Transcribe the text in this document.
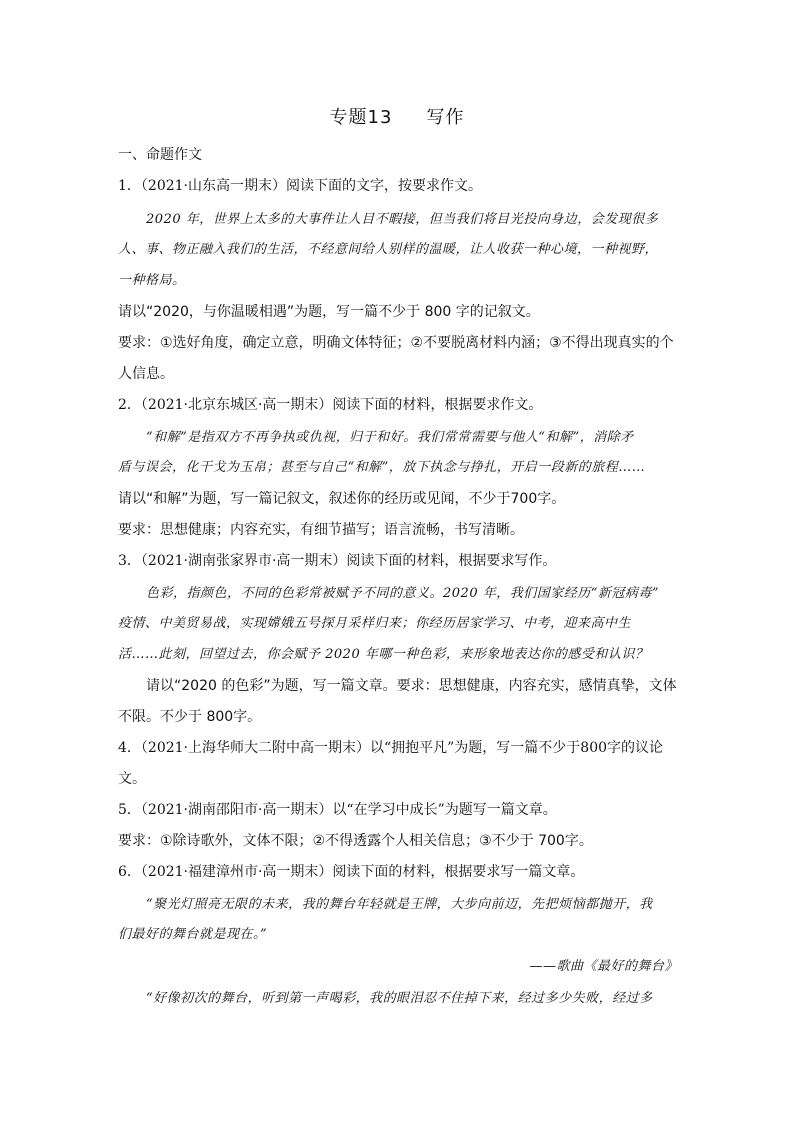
专题13 写作
一、命题作文
1．（2021·山东高一期末）阅读下面的文字，按要求作文。
2020 年，世界上太多的大事件让人目不暇接，但当我们将目光投向身边，会发现很多
人、事、物正融入我们的生活，不经意间给人别样的温暖，让人收获一种心境，一种视野，
一种格局。
请以“2020，与你温暖相遇”为题，写一篇不少于 800 字的记叙文。
要求：①选好角度，确定立意，明确文体特征；②不要脱离材料内涵；③不得出现真实的个
人信息。
2．（2021·北京东城区·高一期末）阅读下面的材料，根据要求作文。
“和解”是指双方不再争执或仇视，归于和好。我们常常需要与他人“和解”，消除矛
盾与误会，化干戈为玉帛；甚至与自己“和解”，放下执念与挣扎，开启一段新的旅程……
请以“和解”为题，写一篇记叙文，叙述你的经历或见闻，不少于700字。
要求：思想健康；内容充实，有细节描写；语言流畅，书写清晰。
3．（2021·湖南张家界市·高一期末）阅读下面的材料，根据要求写作。
色彩，指颜色，不同的色彩常被赋予不同的意义。2020 年，我们国家经历“新冠病毒”
疫情、中美贸易战，实现嫦娥五号探月采样归来；你经历居家学习、中考，迎来高中生
活……此刻，回望过去，你会赋予 2020 年哪一种色彩，来形象地表达你的感受和认识？
请以“2020 的色彩”为题，写一篇文章。要求：思想健康，内容充实，感情真挚，文体
不限。不少于 800字。
4．（2021·上海华师大二附中高一期末）以“拥抱平凡”为题，写一篇不少于800字的议论
文。
5．（2021·湖南邵阳市·高一期末）以“在学习中成长”为题写一篇文章。
要求：①除诗歌外，文体不限；②不得透露个人相关信息；③不少于 700字。
6．（2021·福建漳州市·高一期末）阅读下面的材料，根据要求写一篇文章。
“聚光灯照亮无限的未来，我的舞台年轻就是王牌，大步向前迈，先把烦恼都抛开，我
们最好的舞台就是现在。”
——歌曲《最好的舞台》
“好像初次的舞台，听到第一声喝彩，我的眼泪忍不住掉下来，经过多少失败，经过多
